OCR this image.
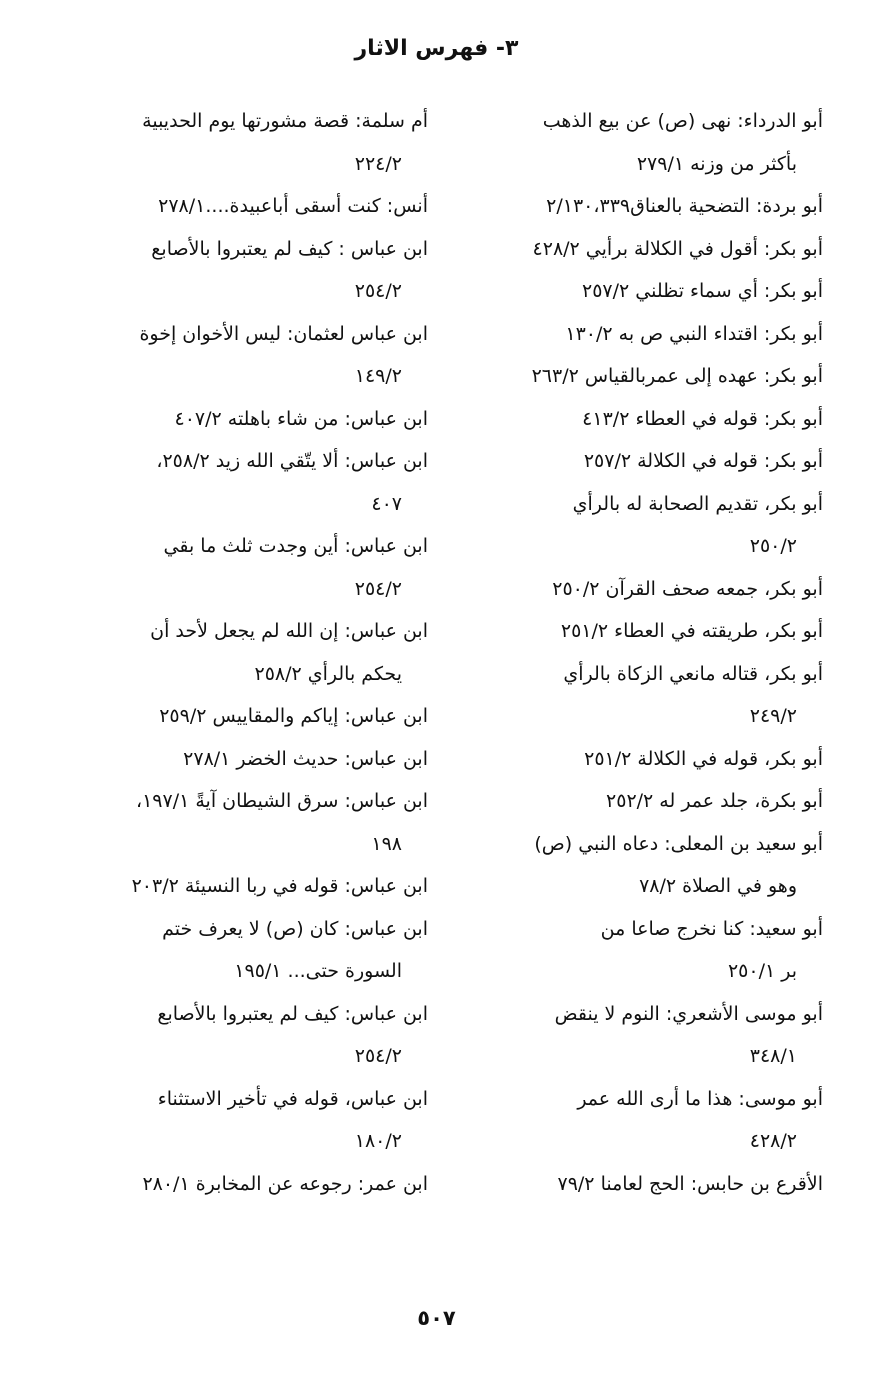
٣- فهرس الاثار

أبو الدرداء: نهى (ص) عن بيع الذهب
بأكثر من وزنه ٢٧٩/١

أبو بردة: التضحية بالعناق٢/١٣٠،٣٣٩

أبو بكر: أقول في الكلالة برأيي ٤٢٨/٢

أبو بكر: أي سماء تظلني ٢٥٧/٢

أبو بكر: اقتداء النبي ص به ١٣٠/٢

أبو بكر: عهده إلى عمربالقياس ٢٦٣/٢

أبو بكر: قوله في العطاء ٤١٣/٢

أبو بكر: قوله في الكلالة ٢٥٧/٢

أبو بكر، تقديم الصحابة له بالرأي
٢٥٠/٢

أبو بكر، جمعه صحف القرآن ٢٥٠/٢

أبو بكر، طريقته في العطاء ٢٥١/٢

أبو بكر، قتاله مانعي الزكاة بالرأي
٢٤٩/٢

أبو بكر، قوله في الكلالة ٢٥١/٢

أبو بكرة، جلد عمر له ٢٥٢/٢

أبو سعيد بن المعلى: دعاه النبي (ص)
وهو في الصلاة ٧٨/٢

أبو سعيد: كنا نخرج صاعا من
بر ٢٥٠/١

أبو موسى الأشعري: النوم لا ينقض
٣٤٨/١

أبو موسى: هذا ما أرى الله عمر
٤٢٨/٢

الأقرع بن حابس: الحج لعامنا ٧٩/٢

أم سلمة: قصة مشورتها يوم الحديبية
٢٢٤/٢

أنس: كنت أسقى أباعبيدة....٢٧٨/١

ابن عباس : كيف لم يعتبروا بالأصابع
٢٥٤/٢

ابن عباس لعثمان: ليس الأخوان إخوة
١٤٩/٢

ابن عباس: من شاء باهلته ٤٠٧/٢

ابن عباس: ألا يتّقي الله زيد ٢٥٨/٢،
٤٠٧

ابن عباس: أين وجدت ثلث ما بقي
٢٥٤/٢

ابن عباس: إن الله لم يجعل لأحد أن
يحكم بالرأي ٢٥٨/٢

ابن عباس: إياكم والمقاييس ٢٥٩/٢

ابن عباس: حديث الخضر ٢٧٨/١

ابن عباس: سرق الشيطان آيةً ١٩٧/١،
١٩٨

ابن عباس: قوله في ربا النسيئة ٢٠٣/٢

ابن عباس: كان (ص) لا يعرف ختم
السورة حتى... ١٩٥/١

ابن عباس: كيف لم يعتبروا بالأصابع
٢٥٤/٢

ابن عباس، قوله في تأخير الاستثناء
١٨٠/٢

ابن عمر: رجوعه عن المخابرة ٢٨٠/١

٥٠٧
